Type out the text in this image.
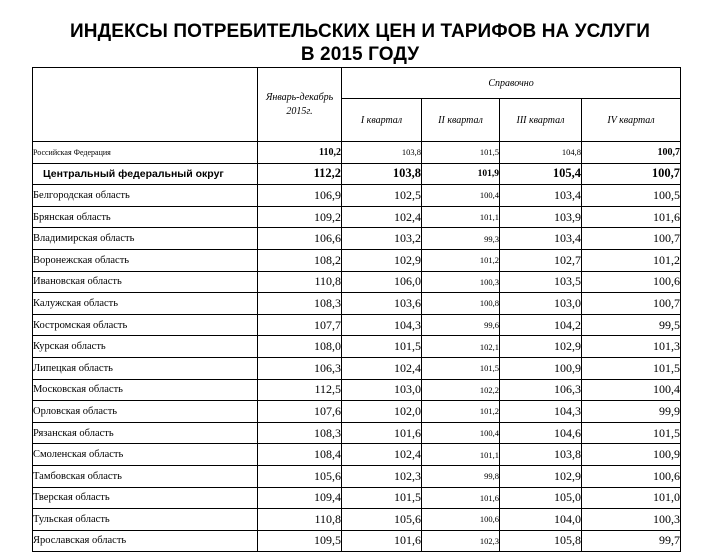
ИНДЕКСЫ ПОТРЕБИТЕЛЬСКИХ ЦЕН И ТАРИФОВ НА УСЛУГИ
В 2015 ГОДУ
	Январь-декабрь
2015г.	Справочно			
		I квартал	II квартал	III квартал	IV квартал
Российская Федерация	110,2	103,8	101,5	104,8	100,7
Центральный федеральный округ	112,2	103,8	101,9	105,4	100,7
Белгородская область	106,9	102,5	100,4	103,4	100,5
Брянская область	109,2	102,4	101,1	103,9	101,6
Владимирская область	106,6	103,2	99,3	103,4	100,7
Воронежская область	108,2	102,9	101,2	102,7	101,2
Ивановская область	110,8	106,0	100,3	103,5	100,6
Калужская область	108,3	103,6	100,8	103,0	100,7
Костромская область	107,7	104,3	99,6	104,2	99,5
Курская область	108,0	101,5	102,1	102,9	101,3
Липецкая область	106,3	102,4	101,5	100,9	101,5
Московская область	112,5	103,0	102,2	106,3	100,4
Орловская область	107,6	102,0	101,2	104,3	99,9
Рязанская область	108,3	101,6	100,4	104,6	101,5
Смоленская область	108,4	102,4	101,1	103,8	100,9
Тамбовская область	105,6	102,3	99,8	102,9	100,6
Тверская область	109,4	101,5	101,6	105,0	101,0
Тульская область	110,8	105,6	100,6	104,0	100,3
Ярославская область	109,5	101,6	102,3	105,8	99,7
